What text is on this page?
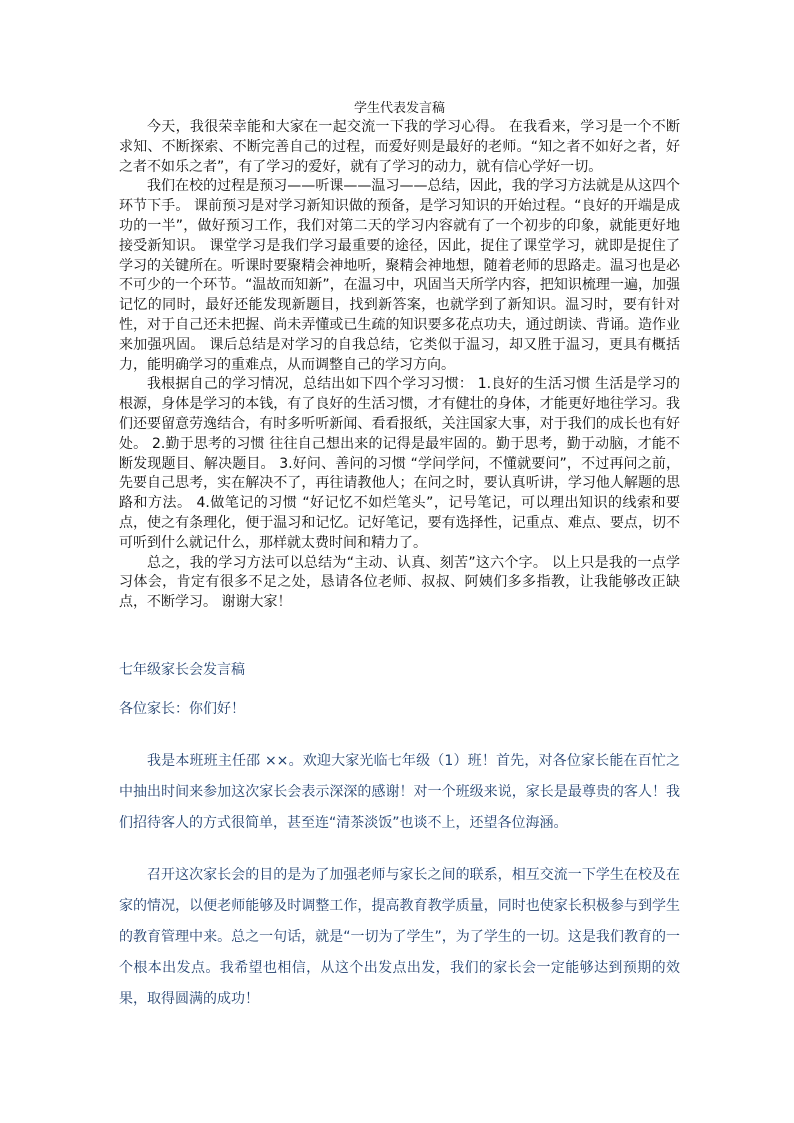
学生代表发言稿

今天，我很荣幸能和大家在一起交流一下我的学习心得。 在我看来，学习是一个不断求知、不断探索、不断完善自己的过程，而爱好则是最好的老师。“知之者不如好之者，好之者不如乐之者”，有了学习的爱好，就有了学习的动力，就有信心学好一切。

我们在校的过程是预习——听课——温习——总结，因此，我的学习方法就是从这四个环节下手。 课前预习是对学习新知识做的预备，是学习知识的开始过程。“良好的开端是成功的一半”，做好预习工作，我们对第二天的学习内容就有了一个初步的印象，就能更好地接受新知识。 课堂学习是我们学习最重要的途径，因此，捉住了课堂学习，就即是捉住了学习的关键所在。听课时要聚精会神地听，聚精会神地想，随着老师的思路走。温习也是必不可少的一个环节。“温故而知新”，在温习中，巩固当天所学内容，把知识梳理一遍，加强记忆的同时，最好还能发现新题目，找到新答案，也就学到了新知识。温习时，要有针对性，对于自己还未把握、尚未弄懂或已生疏的知识要多花点功夫，通过朗读、背诵。造作业来加强巩固。 课后总结是对学习的自我总结，它类似于温习，却又胜于温习，更具有概括力，能明确学习的重难点，从而调整自己的学习方向。

我根据自己的学习情况，总结出如下四个学习习惯： 1.良好的生活习惯 生活是学习的根源，身体是学习的本钱，有了良好的生活习惯，才有健壮的身体，才能更好地往学习。我们还要留意劳逸结合，有时多听听新闻、看看报纸，关注国家大事，对于我们的成长也有好处。 2.勤于思考的习惯 往往自己想出来的记得是最牢固的。勤于思考，勤于动脑，才能不断发现题目、解决题目。 3.好问、善问的习惯 “学问学问，不懂就要问”，不过再问之前，先要自己思考，实在解决不了，再往请教他人；在问之时，要认真听讲，学习他人解题的思路和方法。 4.做笔记的习惯 “好记忆不如烂笔头”，记号笔记，可以理出知识的线索和要点，使之有条理化，便于温习和记忆。记好笔记，要有选择性，记重点、难点、要点，切不可听到什么就记什么，那样就太费时间和精力了。

总之，我的学习方法可以总结为“主动、认真、刻苦”这六个字。 以上只是我的一点学习体会，肯定有很多不足之处，恳请各位老师、叔叔、阿姨们多多指教，让我能够改正缺点，不断学习。 谢谢大家！

七年级家长会发言稿
各位家长：你们好！

我是本班班主任邵 ××。欢迎大家光临七年级（1）班！首先，对各位家长能在百忙之中抽出时间来参加这次家长会表示深深的感谢！对一个班级来说，家长是最尊贵的客人！我们招待客人的方式很简单，甚至连“清茶淡饭”也谈不上，还望各位海涵。

召开这次家长会的目的是为了加强老师与家长之间的联系，相互交流一下学生在校及在家的情况，以便老师能够及时调整工作，提高教育教学质量，同时也使家长积极参与到学生的教育管理中来。总之一句话，就是“一切为了学生”，为了学生的一切。这是我们教育的一个根本出发点。我希望也相信，从这个出发点出发，我们的家长会一定能够达到预期的效果，取得圆满的成功！
